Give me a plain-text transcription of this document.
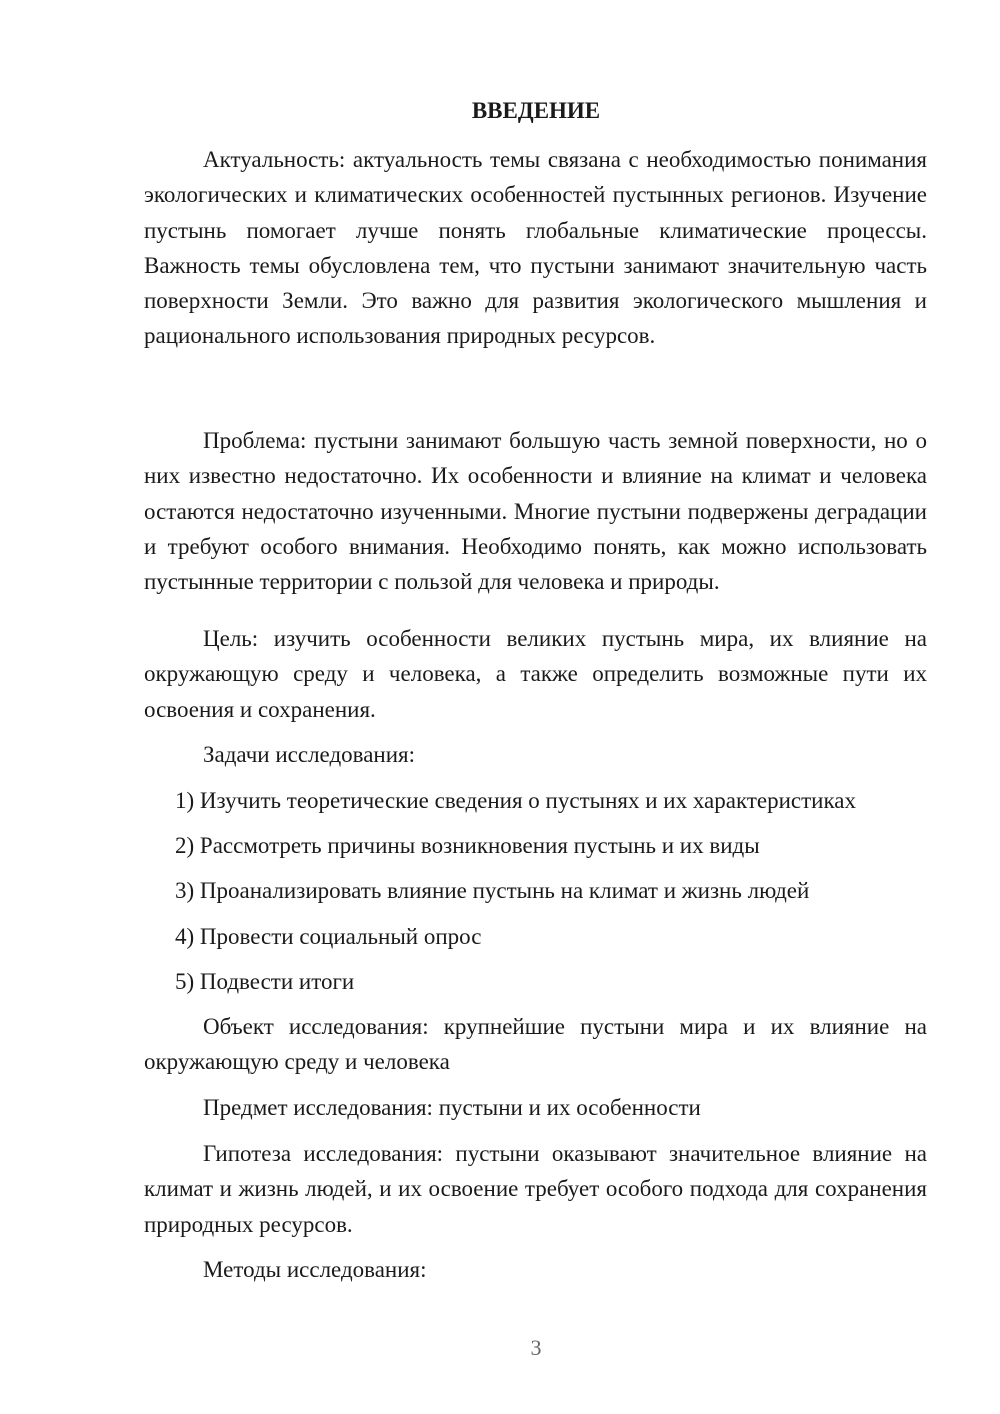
ВВЕДЕНИЕ

Актуальность: актуальность темы связана с необходимостью понимания экологических и климатических особенностей пустынных регионов. Изучение пустынь помогает лучше понять глобальные климатические процессы. Важность темы обусловлена тем, что пустыни занимают значительную часть поверхности Земли. Это важно для развития экологического мышления и рационального использования природных ресурсов.

Проблема: пустыни занимают большую часть земной поверхности, но о них известно недостаточно. Их особенности и влияние на климат и человека остаются недостаточно изученными. Многие пустыни подвержены деградации и требуют особого внимания. Необходимо понять, как можно использовать пустынные территории с пользой для человека и природы.

Цель: изучить особенности великих пустынь мира, их влияние на окружающую среду и человека, а также определить возможные пути их освоения и сохранения.

Задачи исследования:

1) Изучить теоретические сведения о пустынях и их характеристиках

2) Рассмотреть причины возникновения пустынь и их виды

3) Проанализировать влияние пустынь на климат и жизнь людей

4) Провести социальный опрос

5) Подвести итоги

Объект исследования: крупнейшие пустыни мира и их влияние на окружающую среду и человека

Предмет исследования: пустыни и их особенности

Гипотеза исследования: пустыни оказывают значительное влияние на климат и жизнь людей, и их освоение требует особого подхода для сохранения природных ресурсов.

Методы исследования:

3
